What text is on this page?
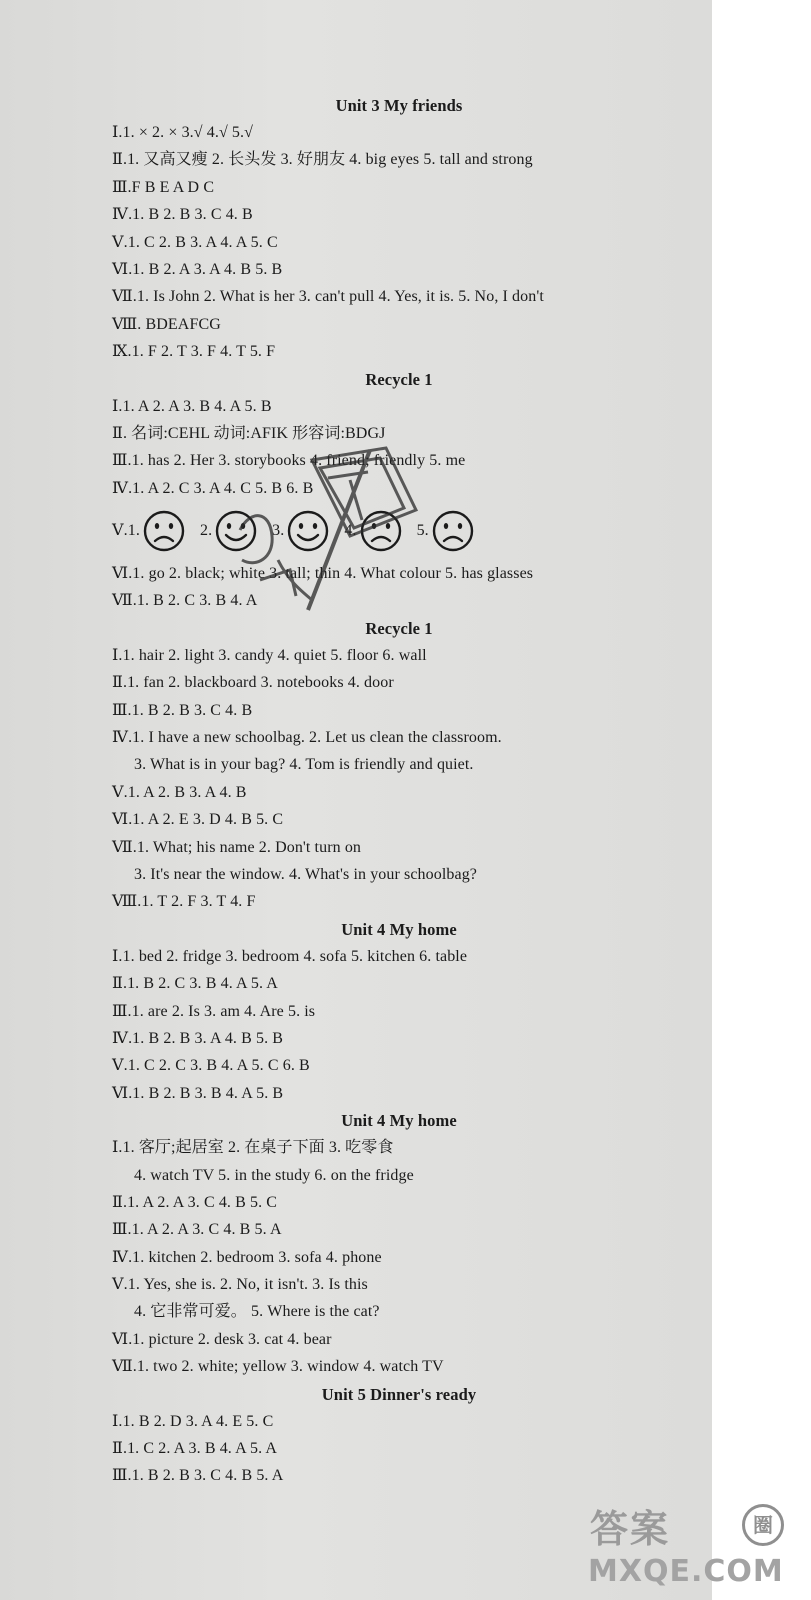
Unit 3 My friends
Ⅰ.1. × 2. × 3.√ 4.√ 5.√
Ⅱ.1. 又高又瘦 2. 长头发 3. 好朋友 4. big eyes 5. tall and strong
Ⅲ.F B E A D C
Ⅳ.1. B 2. B 3. C 4. B
Ⅴ.1. C 2. B 3. A 4. A 5. C
Ⅵ.1. B 2. A 3. A 4. B 5. B
Ⅶ.1. Is John 2. What is her 3. can't pull 4. Yes, it is. 5. No, I don't
Ⅷ. BDEAFCG
Ⅸ.1. F 2. T 3. F 4. T 5. F
Recycle 1
Ⅰ.1. A 2. A 3. B 4. A 5. B
Ⅱ. 名词:CEHL 动词:AFIK 形容词:BDGJ
Ⅲ.1. has 2. Her 3. storybooks 4. friend; friendly 5. me
Ⅳ.1. A 2. C 3. A 4. C 5. B 6. B
Ⅴ.1.	2.	3.	4.	5.
Ⅵ.1. go 2. black; white 3. tall; thin 4. What colour 5. has glasses
Ⅶ.1. B 2. C 3. B 4. A
Recycle 1
Ⅰ.1. hair 2. light 3. candy 4. quiet 5. floor 6. wall
Ⅱ.1. fan 2. blackboard 3. notebooks 4. door
Ⅲ.1. B 2. B 3. C 4. B
Ⅳ.1. I have a new schoolbag. 2. Let us clean the classroom.
3. What is in your bag? 4. Tom is friendly and quiet.
Ⅴ.1. A 2. B 3. A 4. B
Ⅵ.1. A 2. E 3. D 4. B 5. C
Ⅶ.1. What; his name 2. Don't turn on
3. It's near the window. 4. What's in your schoolbag?
Ⅷ.1. T 2. F 3. T 4. F
Unit 4 My home
Ⅰ.1. bed 2. fridge 3. bedroom 4. sofa 5. kitchen 6. table
Ⅱ.1. B 2. C 3. B 4. A 5. A
Ⅲ.1. are 2. Is 3. am 4. Are 5. is
Ⅳ.1. B 2. B 3. A 4. B 5. B
Ⅴ.1. C 2. C 3. B 4. A 5. C 6. B
Ⅵ.1. B 2. B 3. B 4. A 5. B
Unit 4 My home
Ⅰ.1. 客厅;起居室 2. 在桌子下面 3. 吃零食
4. watch TV 5. in the study 6. on the fridge
Ⅱ.1. A 2. A 3. C 4. B 5. C
Ⅲ.1. A 2. A 3. C 4. B 5. A
Ⅳ.1. kitchen 2. bedroom 3. sofa 4. phone
Ⅴ.1. Yes, she is. 2. No, it isn't. 3. Is this
4. 它非常可爱。 5. Where is the cat?
Ⅵ.1. picture 2. desk 3. cat 4. bear
Ⅶ.1. two 2. white; yellow 3. window 4. watch TV
Unit 5 Dinner's ready
Ⅰ.1. B 2. D 3. A 4. E 5. C
Ⅱ.1. C 2. A 3. B 4. A 5. A
Ⅲ.1. B 2. B 3. C 4. B 5. A
答案	圈
MXQE.COM
